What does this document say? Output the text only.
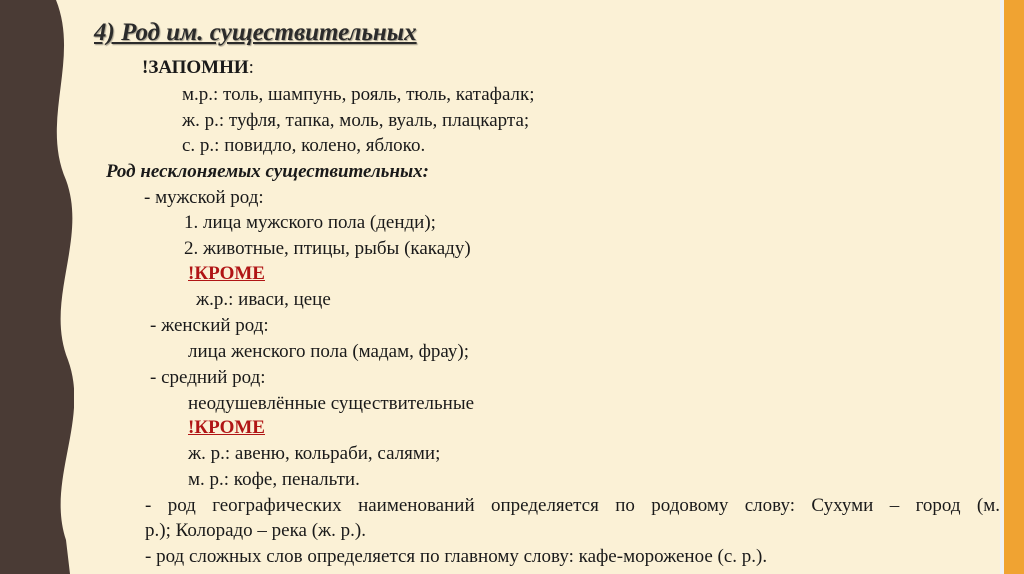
4) Род им. существительных
!ЗАПОМНИ:
м.р.: толь, шампунь, рояль, тюль, катафалк;
ж. р.: туфля, тапка, моль, вуаль, плацкарта;
с. р.: повидло, колено, яблоко.
Род несклоняемых существительных:
- мужской род:
1. лица мужского пола (денди);
2. животные, птицы, рыбы (какаду)
!КРОМЕ
ж.р.: иваси, цеце
- женский род:
лица женского пола (мадам, фрау);
- средний род:
неодушевлённые существительные
!КРОМЕ
ж. р.: авеню, кольраби, салями;
м. р.: кофе, пенальти.
- род географических наименований определяется по родовому слову: Сухуми – город (м.
р.); Колорадо – река (ж. р.).
- род сложных слов определяется по главному слову: кафе-мороженое (с. р.).
